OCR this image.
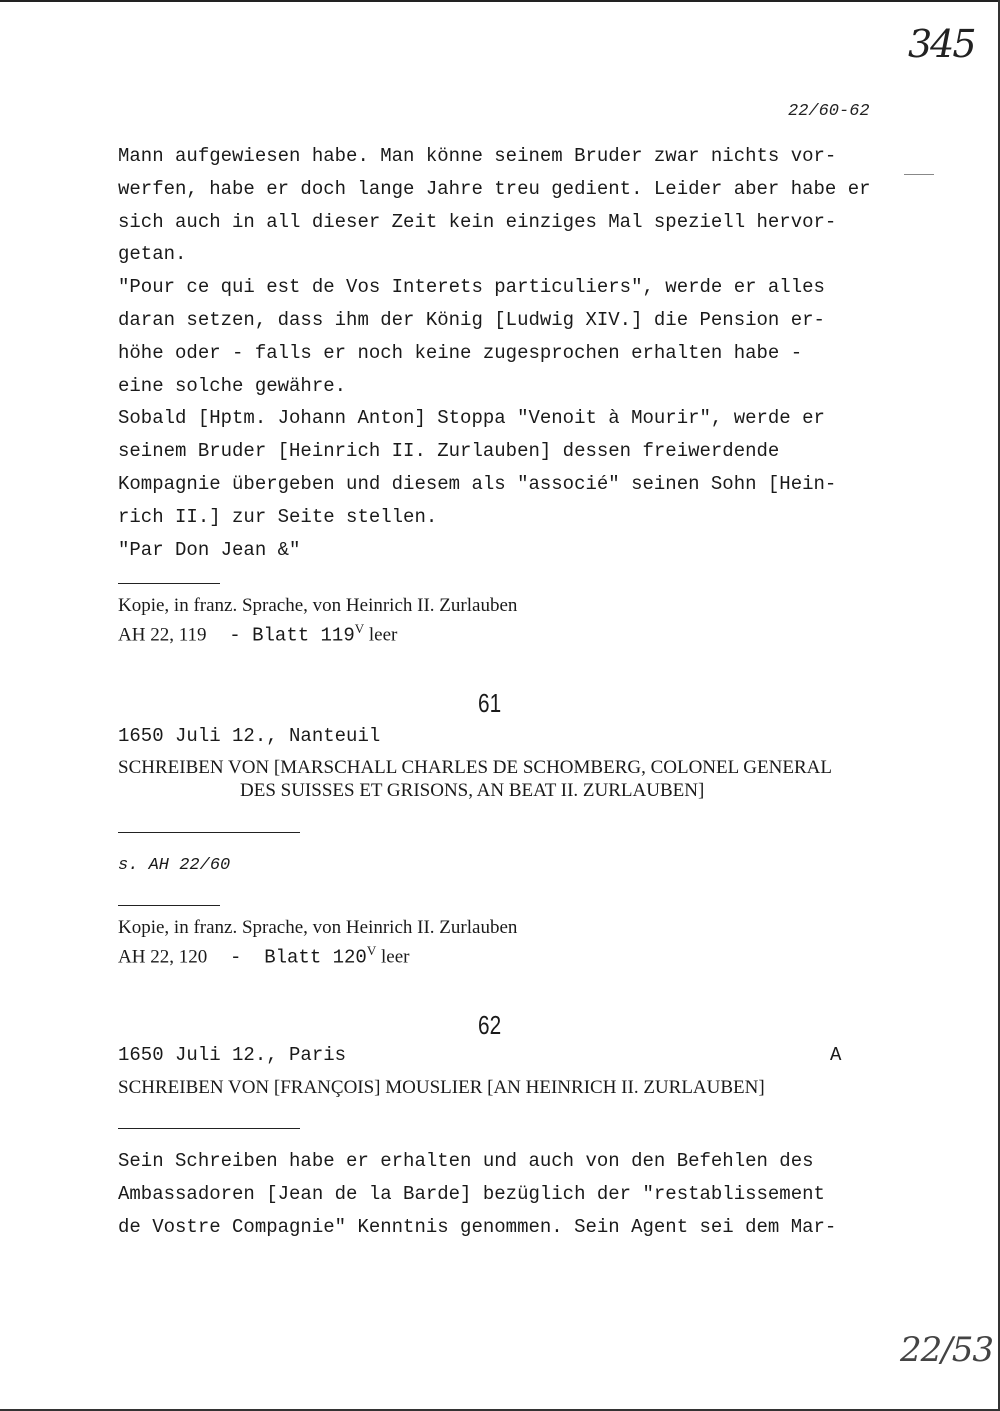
345
22/60-62
Mann aufgewiesen habe. Man könne seinem Bruder zwar nichts vor-
werfen, habe er doch lange Jahre treu gedient. Leider aber habe er
sich auch in all dieser Zeit kein einziges Mal speziell hervor-
getan.
"Pour ce qui est de Vos Interets particuliers", werde er alles
daran setzen, dass ihm der König [Ludwig XIV.] die Pension er-
höhe oder - falls er noch keine zugesprochen erhalten habe -
eine solche gewähre.
Sobald [Hptm. Johann Anton] Stoppa "Venoit à Mourir", werde er
seinem Bruder [Heinrich II. Zurlauben] dessen freiwerdende
Kompagnie übergeben und diesem als "associé" seinen Sohn [Hein-
rich II.] zur Seite stellen.
"Par Don Jean &"
Kopie, in franz. Sprache, von Heinrich II. Zurlauben
AH 22, 119  - Blatt $119^V$ leer
61
1650 Juli 12., Nanteuil
SCHREIBEN VON [MARSCHALL CHARLES DE SCHOMBERG, COLONEL GENERAL
DES SUISSES ET GRISONS, AN BEAT II. ZURLAUBEN]
s. AH 22/60
Kopie, in franz. Sprache, von Heinrich II. Zurlauben
AH 22, 120  -  Blatt $120^V$ leer
62
1650 Juli 12., Paris	A
SCHREIBEN VON [FRANÇOIS] MOUSLIER [AN HEINRICH II. ZURLAUBEN]
Sein Schreiben habe er erhalten und auch von den Befehlen des
Ambassadoren [Jean de la Barde] bezüglich der "restablissement
de Vostre Compagnie" Kenntnis genommen. Sein Agent sei dem Mar-
22/53
